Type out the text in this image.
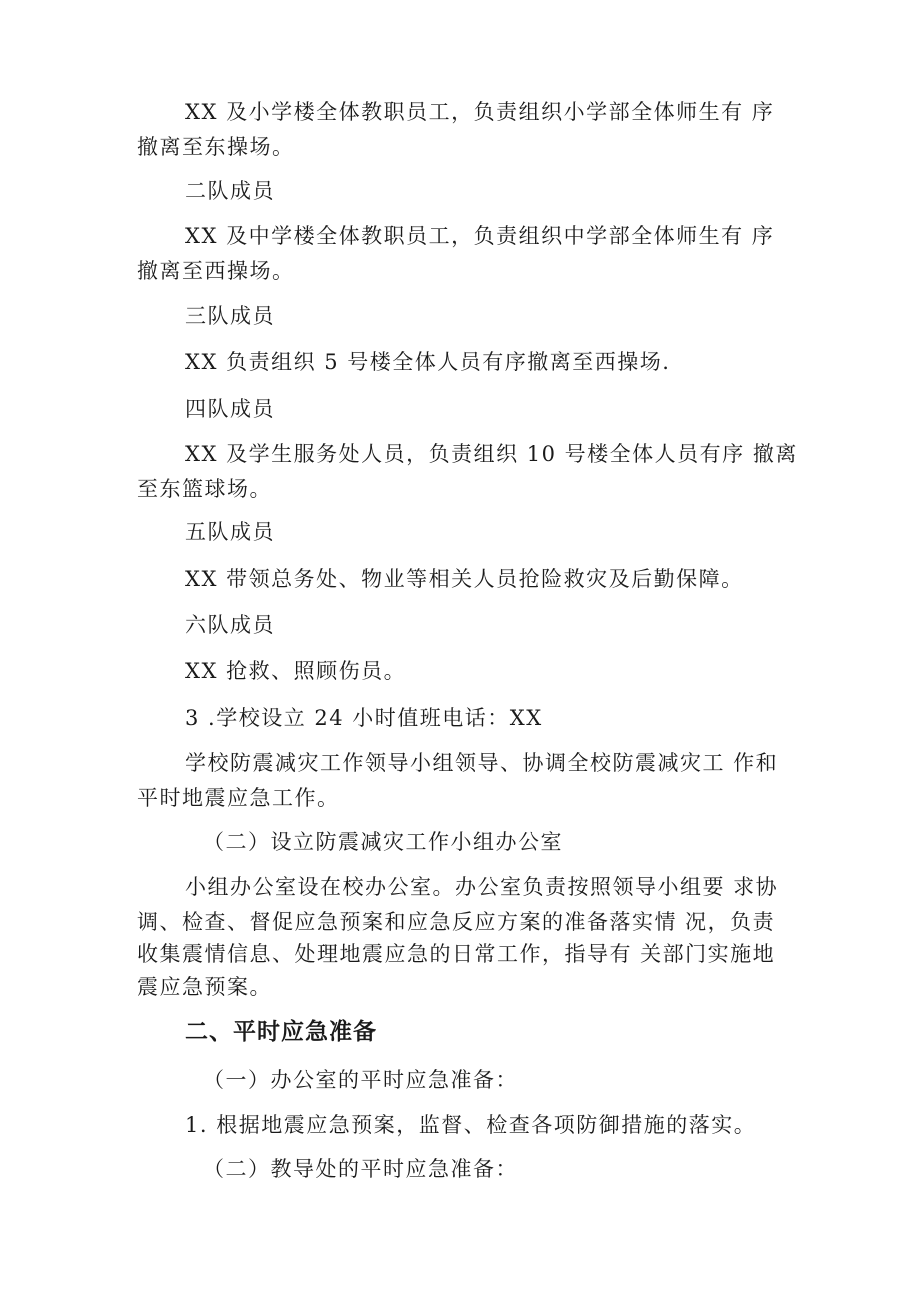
XX 及小学楼全体教职员工，负责组织小学部全体师生有 序
撤离至东操场。
二队成员
XX 及中学楼全体教职员工，负责组织中学部全体师生有 序
撤离至西操场。
三队成员
XX 负责组织 5 号楼全体人员有序撤离至西操场.
四队成员
XX 及学生服务处人员，负责组织 10 号楼全体人员有序 撤离
至东篮球场。
五队成员
XX 带领总务处、物业等相关人员抢险救灾及后勤保障。
六队成员
XX 抢救、照顾伤员。
3 .学校设立 24 小时值班电话：XX
学校防震减灾工作领导小组领导、协调全校防震减灾工 作和
平时地震应急工作。
（二）设立防震减灾工作小组办公室
小组办公室设在校办公室。办公室负责按照领导小组要 求协
调、检查、督促应急预案和应急反应方案的准备落实情 况，负责
收集震情信息、处理地震应急的日常工作，指导有 关部门实施地
震应急预案。
二、平时应急准备
（一）办公室的平时应急准备：
1. 根据地震应急预案，监督、检查各项防御措施的落实。
（二）教导处的平时应急准备：
